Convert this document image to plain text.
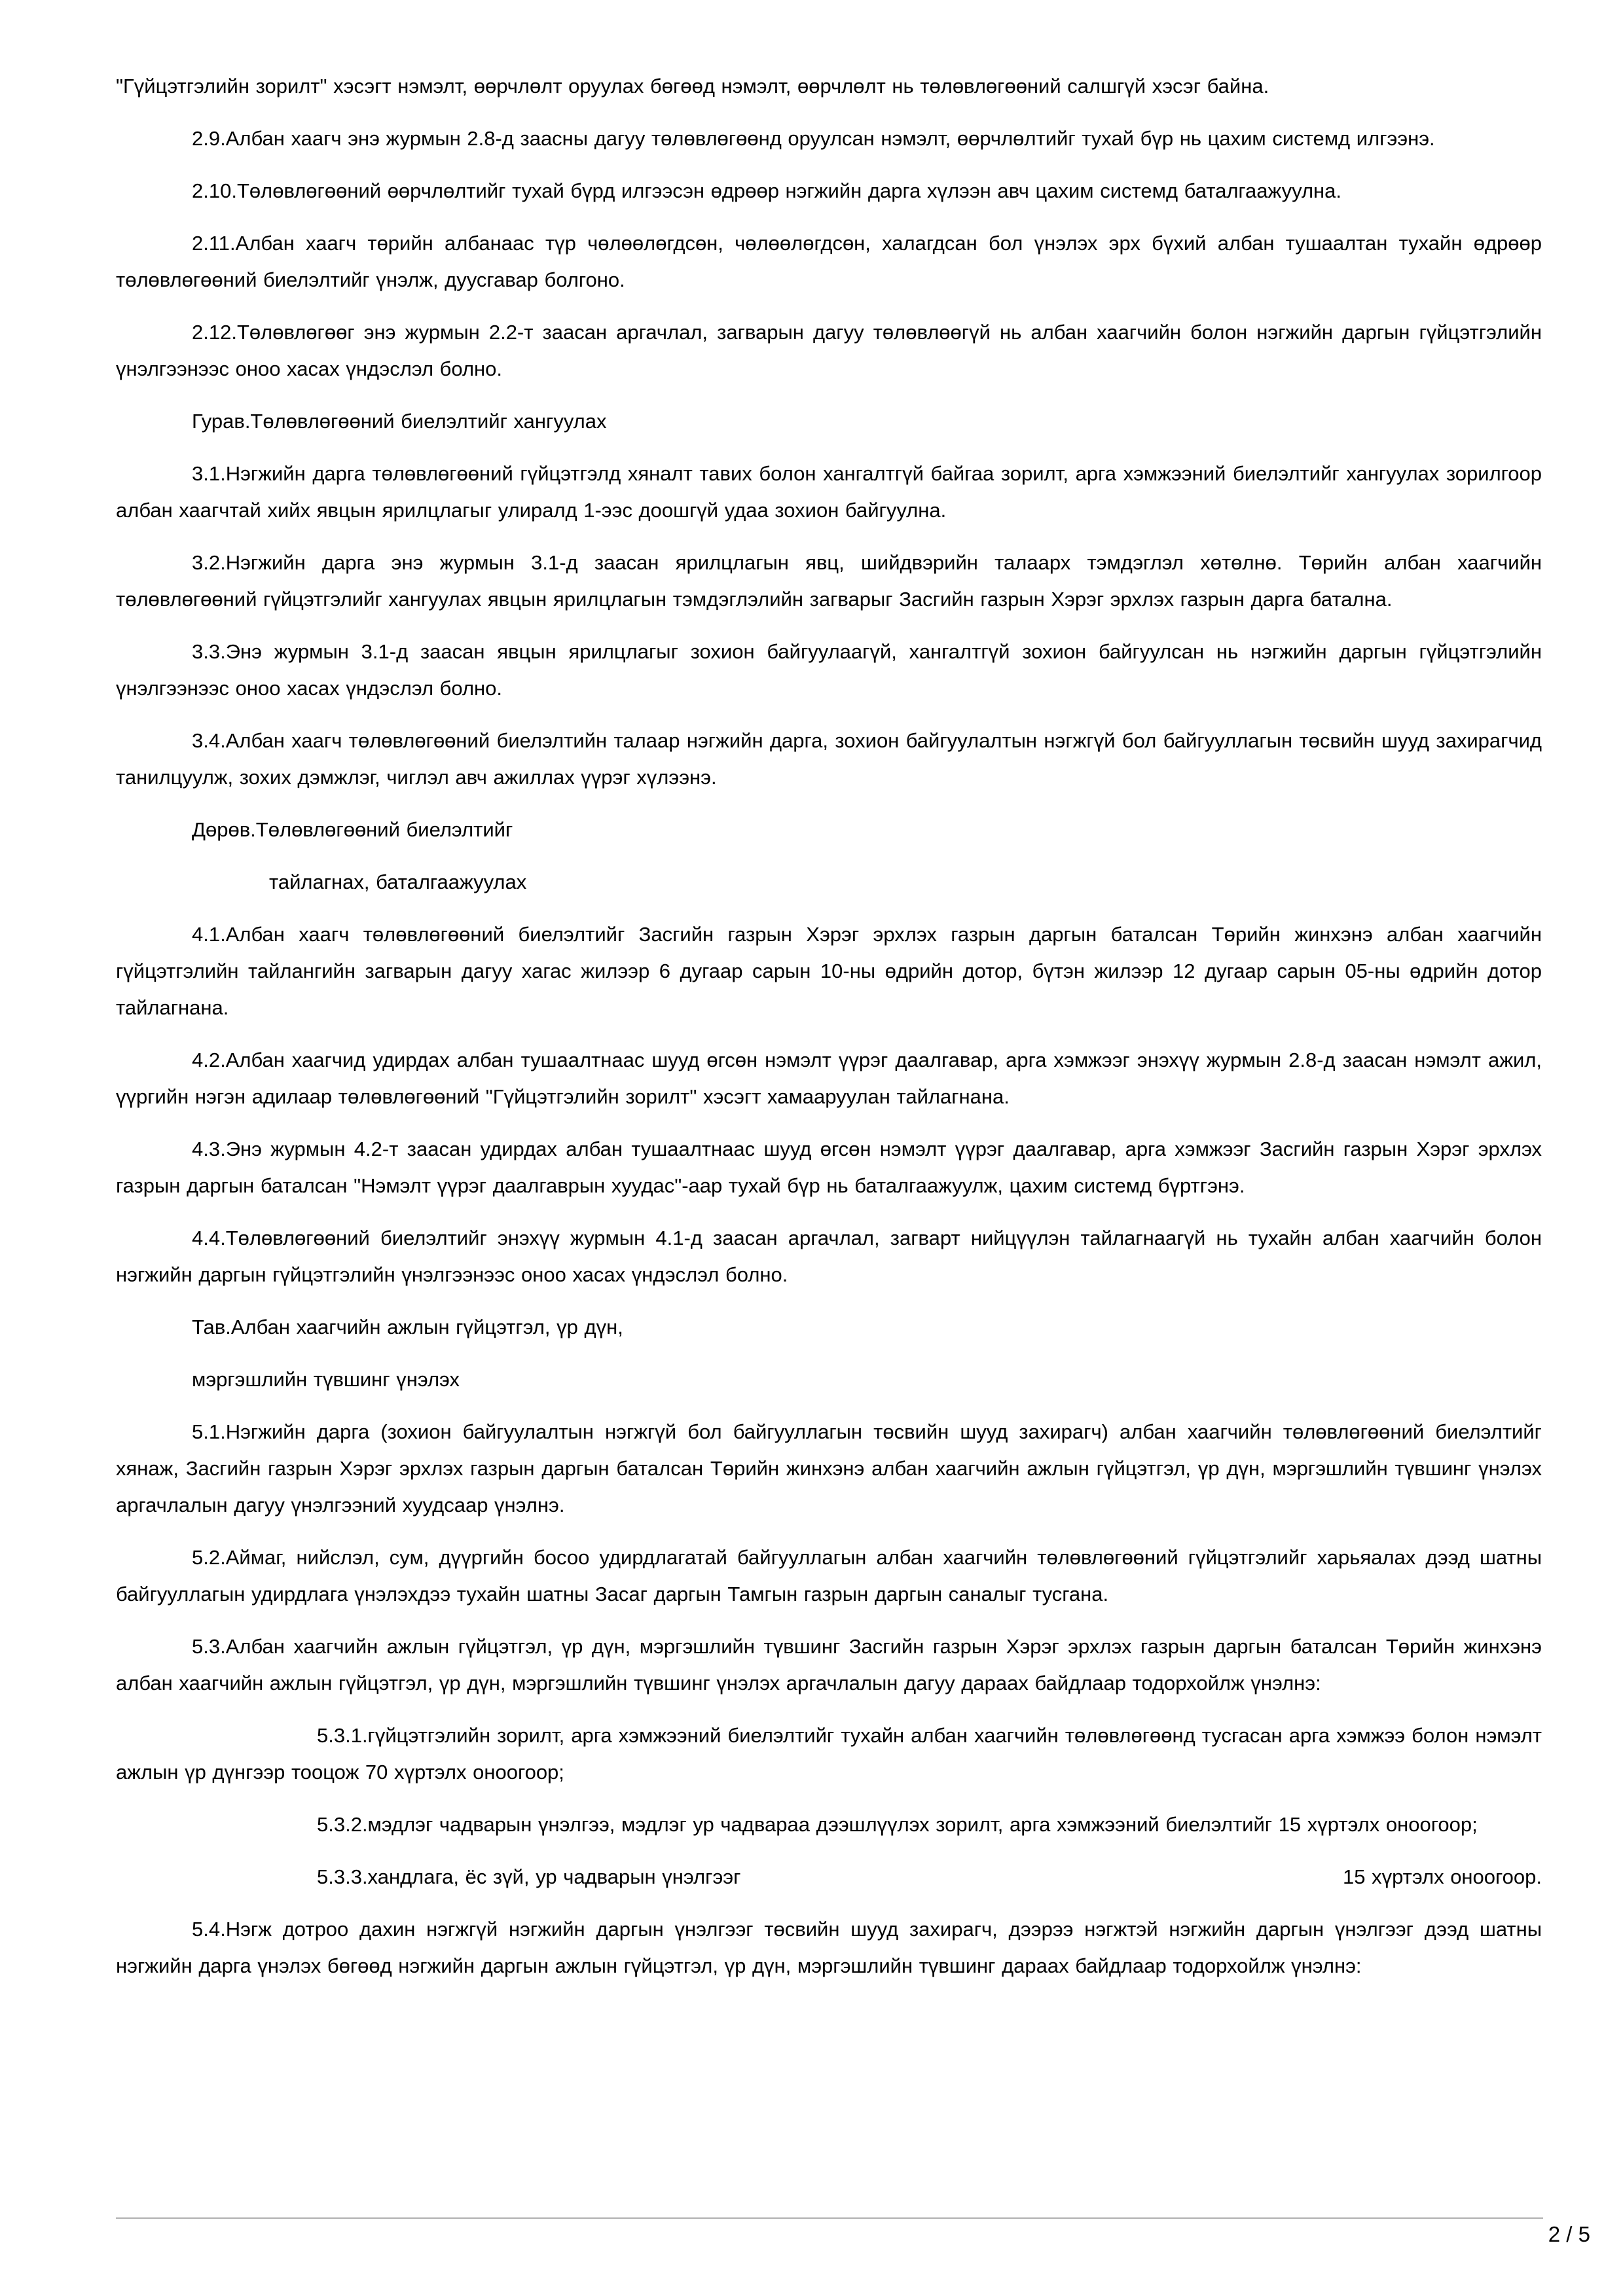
"Гүйцэтгэлийн зорилт" хэсэгт нэмэлт, өөрчлөлт оруулах бөгөөд нэмэлт, өөрчлөлт нь төлөвлөгөөний салшгүй хэсэг байна.

2.9.Албан хаагч энэ журмын 2.8-д заасны дагуу төлөвлөгөөнд оруулсан нэмэлт, өөрчлөлтийг тухай бүр нь цахим системд илгээнэ.

2.10.Төлөвлөгөөний өөрчлөлтийг тухай бүрд илгээсэн өдрөөр нэгжийн дарга хүлээн авч цахим системд баталгаажуулна.

2.11.Албан хаагч төрийн албанаас түр чөлөөлөгдсөн, чөлөөлөгдсөн, халагдсан бол үнэлэх эрх бүхий албан тушаалтан тухайн өдрөөр төлөвлөгөөний биелэлтийг үнэлж, дуусгавар болгоно.

2.12.Төлөвлөгөөг энэ журмын 2.2-т заасан аргачлал, загварын дагуу төлөвлөөгүй нь албан хаагчийн болон нэгжийн даргын гүйцэтгэлийн үнэлгээнээс оноо хасах үндэслэл болно.

Гурав.Төлөвлөгөөний биелэлтийг хангуулах

3.1.Нэгжийн дарга төлөвлөгөөний гүйцэтгэлд хяналт тавих болон хангалтгүй байгаа зорилт, арга хэмжээний биелэлтийг хангуулах зорилгоор албан хаагчтай хийх явцын ярилцлагыг улиралд 1-ээс доошгүй удаа зохион байгуулна.

3.2.Нэгжийн дарга энэ журмын 3.1-д заасан ярилцлагын явц, шийдвэрийн талаарх тэмдэглэл хөтөлнө. Төрийн албан хаагчийн төлөвлөгөөний гүйцэтгэлийг хангуулах явцын ярилцлагын тэмдэглэлийн загварыг Засгийн газрын Хэрэг эрхлэх газрын дарга батална.

3.3.Энэ журмын 3.1-д заасан явцын ярилцлагыг зохион байгуулаагүй, хангалтгүй зохион байгуулсан нь нэгжийн даргын гүйцэтгэлийн үнэлгээнээс оноо хасах үндэслэл болно.

3.4.Албан хаагч төлөвлөгөөний биелэлтийн талаар нэгжийн дарга, зохион байгуулалтын нэгжгүй бол байгууллагын төсвийн шууд захирагчид танилцуулж, зохих дэмжлэг, чиглэл авч ажиллах үүрэг хүлээнэ.

Дөрөв.Төлөвлөгөөний биелэлтийг

тайлагнах, баталгаажуулах

4.1.Албан хаагч төлөвлөгөөний биелэлтийг Засгийн газрын Хэрэг эрхлэх газрын даргын баталсан Төрийн жинхэнэ албан хаагчийн гүйцэтгэлийн тайлангийн загварын дагуу хагас жилээр 6 дугаар сарын 10-ны өдрийн дотор, бүтэн жилээр 12 дугаар сарын 05-ны өдрийн дотор тайлагнана.

4.2.Албан хаагчид удирдах албан тушаалтнаас шууд өгсөн нэмэлт үүрэг даалгавар, арга хэмжээг энэхүү журмын 2.8-д заасан нэмэлт ажил, үүргийн нэгэн адилаар төлөвлөгөөний "Гүйцэтгэлийн зорилт" хэсэгт хамааруулан тайлагнана.

4.3.Энэ журмын 4.2-т заасан удирдах албан тушаалтнаас шууд өгсөн нэмэлт үүрэг даалгавар, арга хэмжээг Засгийн газрын Хэрэг эрхлэх газрын даргын баталсан "Нэмэлт үүрэг даалгаврын хуудас"-аар тухай бүр нь баталгаажуулж, цахим системд бүртгэнэ.

4.4.Төлөвлөгөөний биелэлтийг энэхүү журмын 4.1-д заасан аргачлал, загварт нийцүүлэн тайлагнаагүй нь тухайн албан хаагчийн болон нэгжийн даргын гүйцэтгэлийн үнэлгээнээс оноо хасах үндэслэл болно.

Тав.Албан хаагчийн ажлын гүйцэтгэл, үр дүн,

мэргэшлийн түвшинг үнэлэх

5.1.Нэгжийн дарга (зохион байгуулалтын нэгжгүй бол байгууллагын төсвийн шууд захирагч) албан хаагчийн төлөвлөгөөний биелэлтийг хянаж, Засгийн газрын Хэрэг эрхлэх газрын даргын баталсан Төрийн жинхэнэ албан хаагчийн ажлын гүйцэтгэл, үр дүн, мэргэшлийн түвшинг үнэлэх аргачлалын дагуу үнэлгээний хуудсаар үнэлнэ.

5.2.Аймаг, нийслэл, сум, дүүргийн босоо удирдлагатай байгууллагын албан хаагчийн төлөвлөгөөний гүйцэтгэлийг харьяалах дээд шатны байгууллагын удирдлага үнэлэхдээ тухайн шатны Засаг даргын Тамгын газрын даргын саналыг тусгана.

5.3.Албан хаагчийн ажлын гүйцэтгэл, үр дүн, мэргэшлийн түвшинг Засгийн газрын Хэрэг эрхлэх газрын даргын баталсан Төрийн жинхэнэ албан хаагчийн ажлын гүйцэтгэл, үр дүн, мэргэшлийн түвшинг үнэлэх аргачлалын дагуу дараах байдлаар тодорхойлж үнэлнэ:

5.3.1.гүйцэтгэлийн зорилт, арга хэмжээний биелэлтийг тухайн албан хаагчийн төлөвлөгөөнд тусгасан арга хэмжээ болон нэмэлт ажлын үр дүнгээр тооцож 70 хүртэлх оноогоор;

5.3.2.мэдлэг чадварын үнэлгээ, мэдлэг ур чадвараа дээшлүүлэх зорилт, арга хэмжээний биелэлтийг 15 хүртэлх оноогоор;

5.3.3.хандлага, ёс зүй, ур чадварын үнэлгээг	15 хүртэлх оноогоор.

5.4.Нэгж дотроо дахин нэгжгүй нэгжийн даргын үнэлгээг төсвийн шууд захирагч, дээрээ нэгжтэй нэгжийн даргын үнэлгээг дээд шатны нэгжийн дарга үнэлэх бөгөөд нэгжийн даргын ажлын гүйцэтгэл, үр дүн, мэргэшлийн түвшинг дараах байдлаар тодорхойлж үнэлнэ:

2 / 5
